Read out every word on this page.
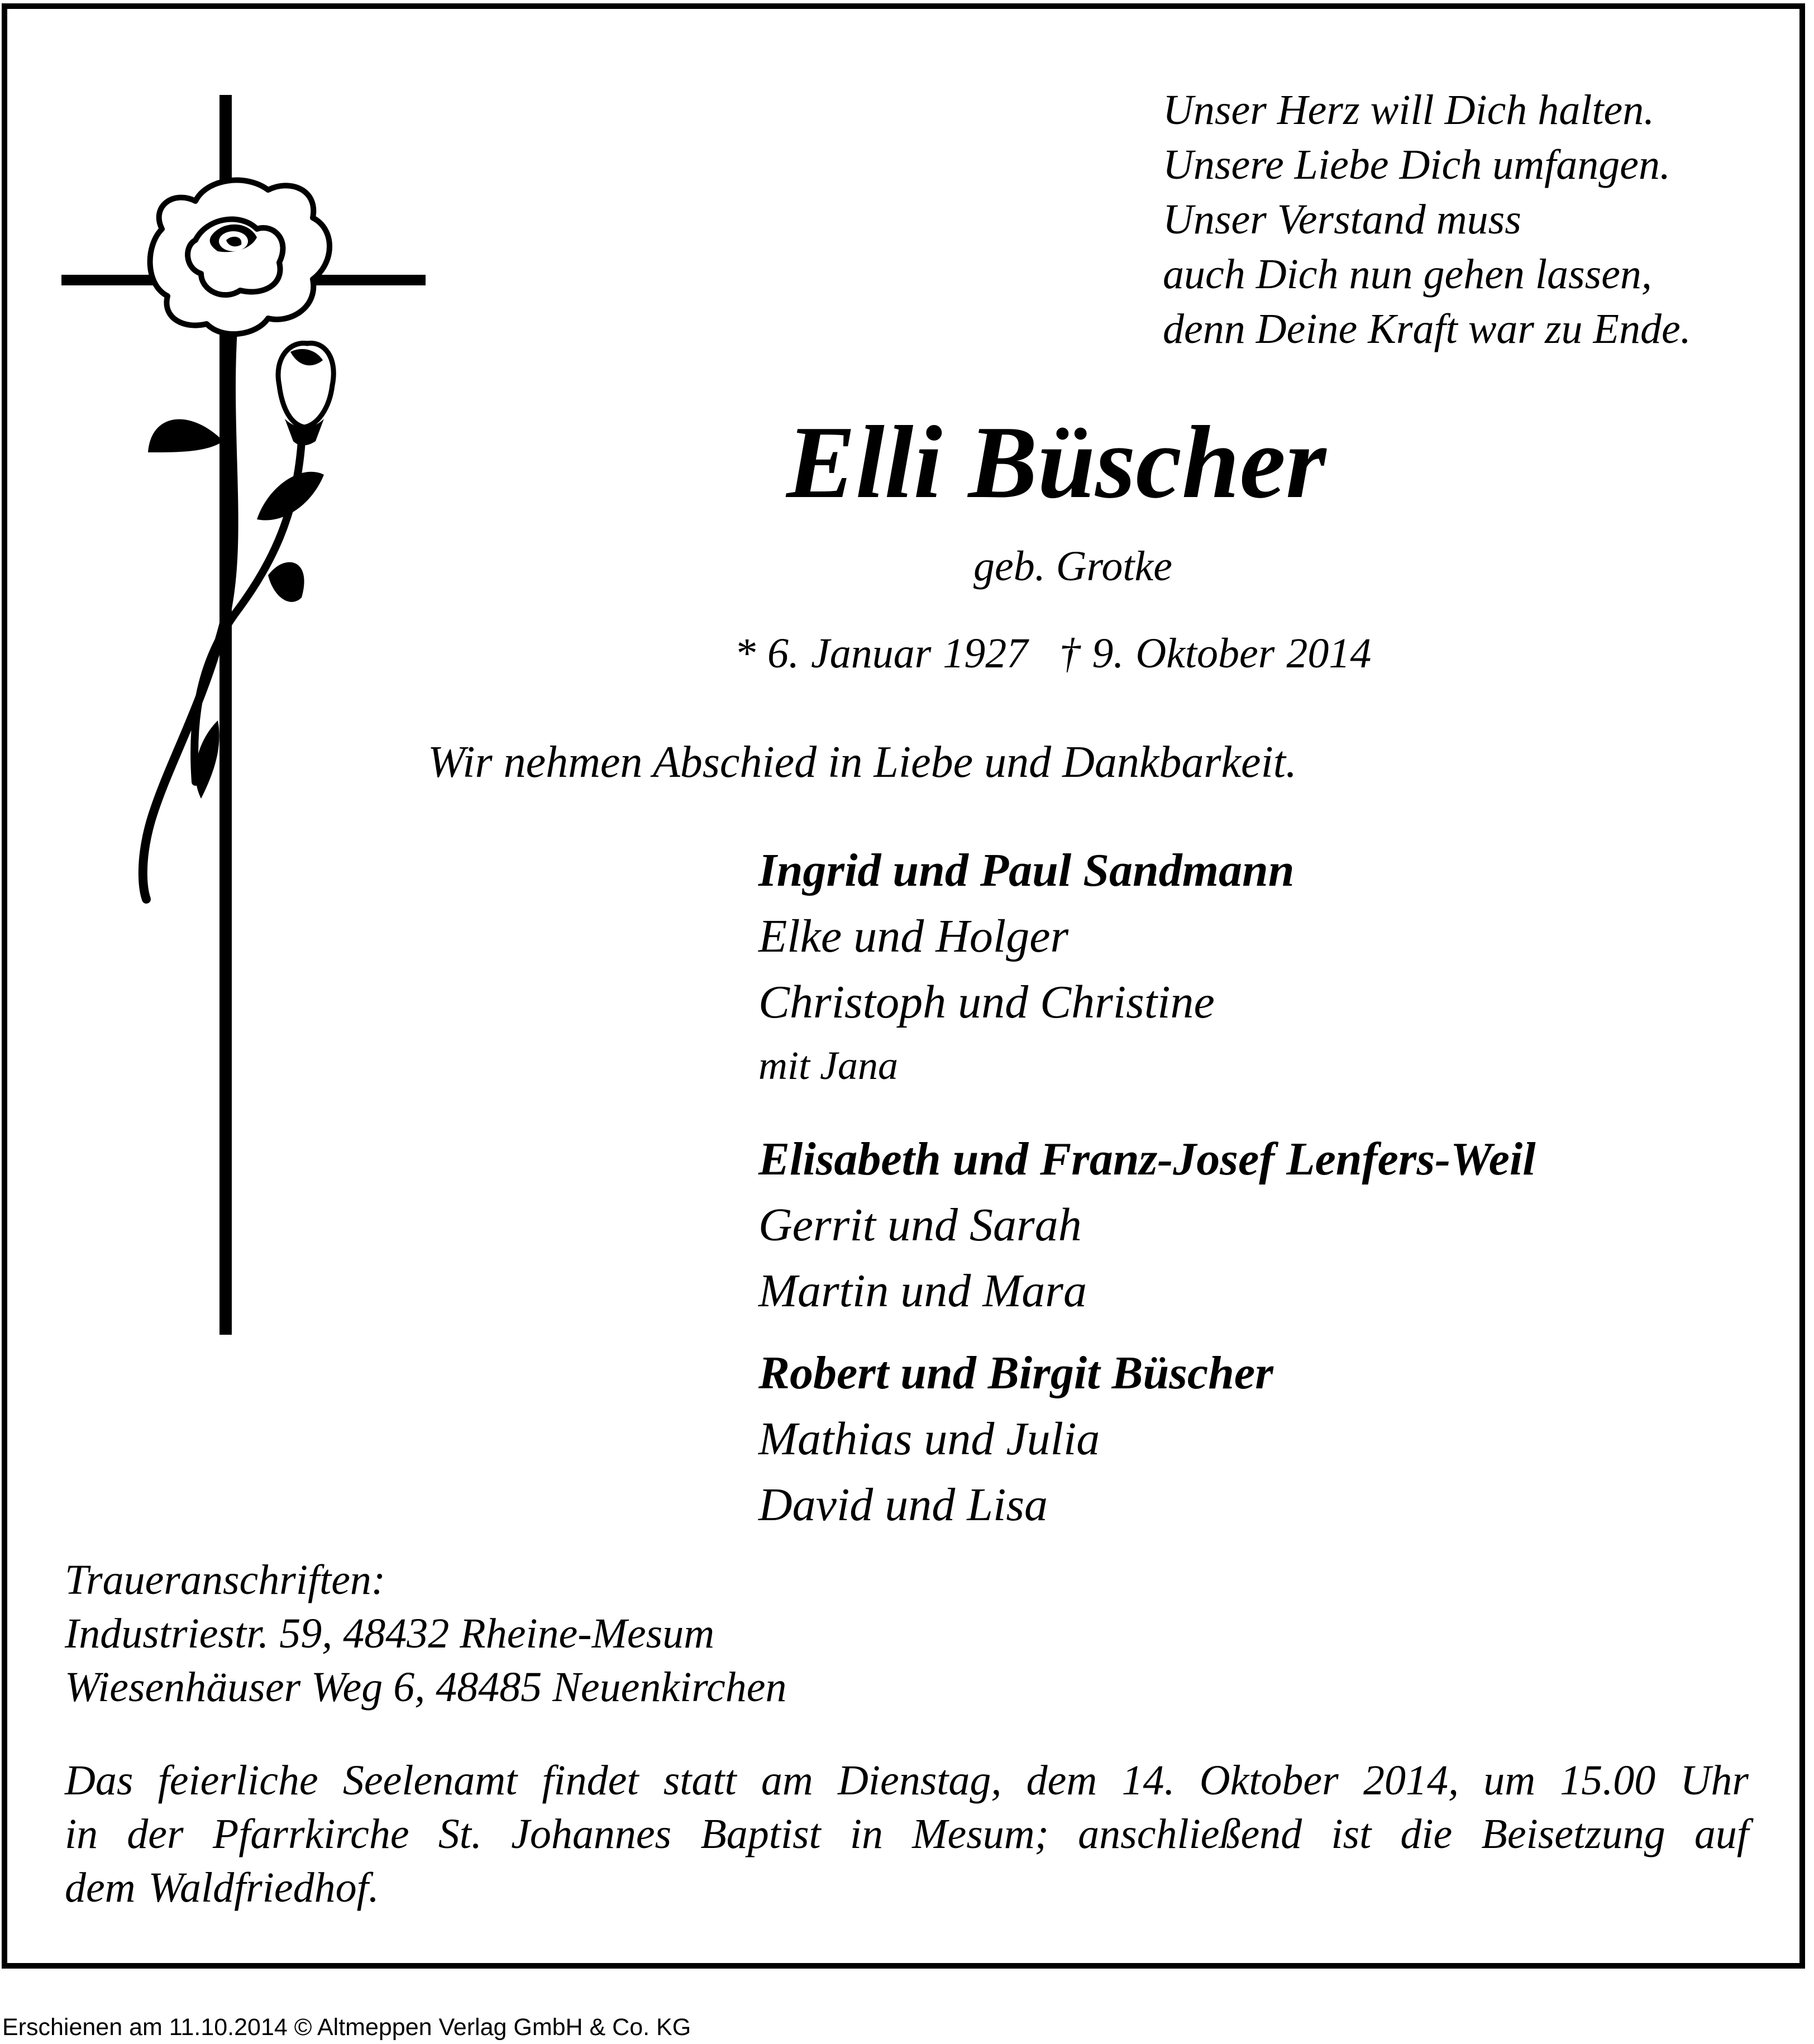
Unser Herz will Dich halten.
Unsere Liebe Dich umfangen.
Unser Verstand muss
auch Dich nun gehen lassen,
denn Deine Kraft war zu Ende.
Elli Büscher
geb. Grotke
* 6. Januar 1927 † 9. Oktober 2014
Wir nehmen Abschied in Liebe und Dankbarkeit.
Ingrid und Paul Sandmann
Elke und Holger
Christoph und Christine
mit Jana
Elisabeth und Franz-Josef Lenfers-Weil
Gerrit und Sarah
Martin und Mara
Robert und Birgit Büscher
Mathias und Julia
David und Lisa
Traueranschriften:
Industriestr. 59, 48432 Rheine-Mesum
Wiesenhäuser Weg 6, 48485 Neuenkirchen
Das feierliche Seelenamt findet statt am Dienstag, dem 14. Oktober 2014, um 15.00 Uhr
in der Pfarrkirche St. Johannes Baptist in Mesum; anschließend ist die Beisetzung auf
dem Waldfriedhof.
Erschienen am 11.10.2014 © Altmeppen Verlag GmbH & Co. KG
